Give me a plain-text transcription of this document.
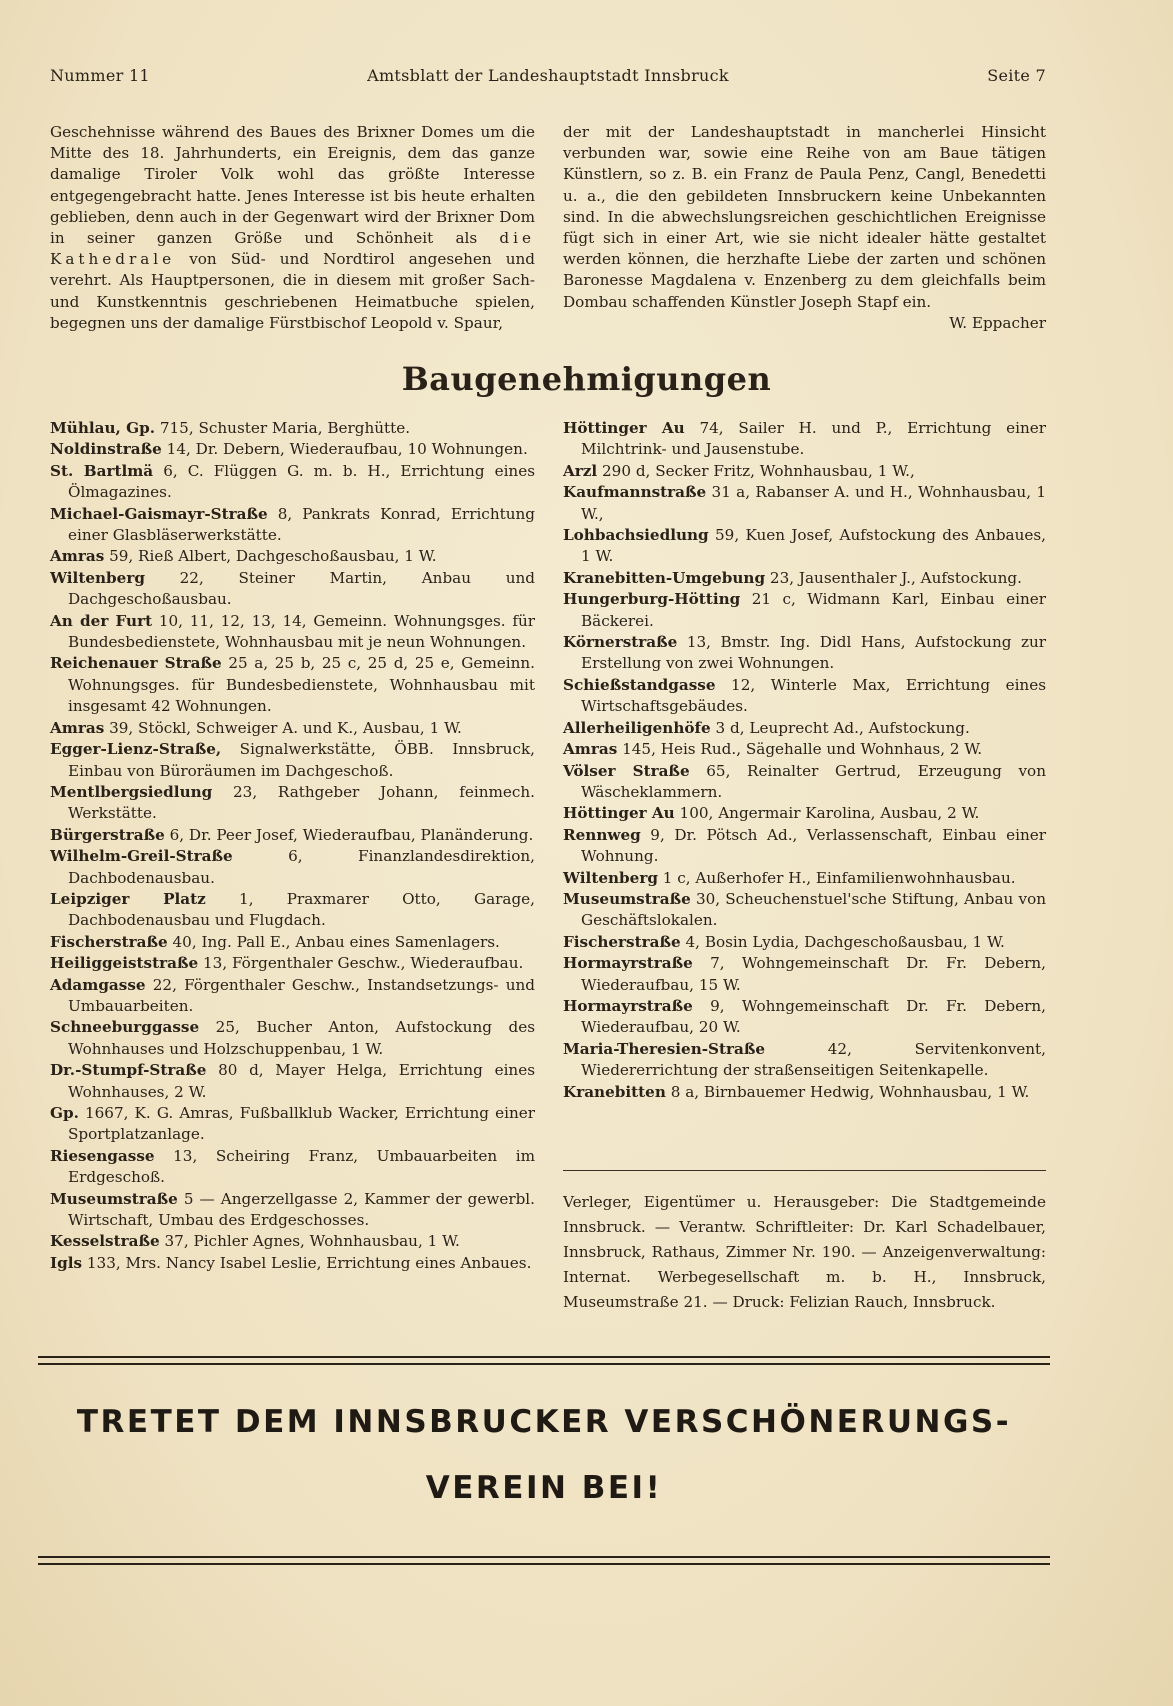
Nummer 11	Amtsblatt der Landeshauptstadt Innsbruck	Seite 7

Geschehnisse während des Baues des Brixner Domes um die Mitte des 18. Jahrhunderts, ein Ereignis, dem das ganze damalige Tiroler Volk wohl das größte Interesse entgegengebracht hatte. Jenes Interesse ist bis heute erhalten geblieben, denn auch in der Gegenwart wird der Brixner Dom in seiner ganzen Größe und Schönheit als die Kathedrale von Süd- und Nordtirol angesehen und verehrt. Als Hauptpersonen, die in diesem mit großer Sach- und Kunstkenntnis geschriebenen Heimatbuche spielen, begegnen uns der damalige Fürstbischof Leopold v. Spaur,

der mit der Landeshauptstadt in mancherlei Hinsicht verbunden war, sowie eine Reihe von am Baue tätigen Künstlern, so z. B. ein Franz de Paula Penz, Cangl, Benedetti u. a., die den gebildeten Innsbruckern keine Unbekannten sind. In die abwechslungsreichen geschichtlichen Ereignisse fügt sich in einer Art, wie sie nicht idealer hätte gestaltet werden können, die herzhafte Liebe der zarten und schönen Baronesse Magdalena v. Enzenberg zu dem gleichfalls beim Dombau schaffenden Künstler Joseph Stapf ein.

W. Eppacher

Baugenehmigungen

Mühlau, Gp. 715, Schuster Maria, Berghütte.

Noldinstraße 14, Dr. Debern, Wiederaufbau, 10 Wohnungen.

St. Bartlmä 6, C. Flüggen G. m. b. H., Errichtung eines Ölmagazines.

Michael-Gaismayr-Straße 8, Pankrats Konrad, Errichtung einer Glasbläserwerkstätte.

Amras 59, Rieß Albert, Dachgeschoßausbau, 1 W.

Wiltenberg 22, Steiner Martin, Anbau und Dachgeschoßausbau.

An der Furt 10, 11, 12, 13, 14, Gemeinn. Wohnungsges. für Bundesbedienstete, Wohnhausbau mit je neun Wohnungen.

Reichenauer Straße 25 a, 25 b, 25 c, 25 d, 25 e, Gemeinn. Wohnungsges. für Bundesbedienstete, Wohnhausbau mit insgesamt 42 Wohnungen.

Amras 39, Stöckl, Schweiger A. und K., Ausbau, 1 W.

Egger-Lienz-Straße, Signalwerkstätte, ÖBB. Innsbruck, Einbau von Büroräumen im Dachgeschoß.

Mentlbergsiedlung 23, Rathgeber Johann, feinmech. Werkstätte.

Bürgerstraße 6, Dr. Peer Josef, Wiederaufbau, Planänderung.

Wilhelm-Greil-Straße 6, Finanzlandesdirektion, Dachbodenausbau.

Leipziger Platz 1, Praxmarer Otto, Garage, Dachbodenausbau und Flugdach.

Fischerstraße 40, Ing. Pall E., Anbau eines Samenlagers.

Heiliggeiststraße 13, Förgenthaler Geschw., Wiederaufbau.

Adamgasse 22, Förgenthaler Geschw., Instandsetzungs- und Umbauarbeiten.

Schneeburggasse 25, Bucher Anton, Aufstockung des Wohnhauses und Holzschuppenbau, 1 W.

Dr.-Stumpf-Straße 80 d, Mayer Helga, Errichtung eines Wohnhauses, 2 W.

Gp. 1667, K. G. Amras, Fußballklub Wacker, Errichtung einer Sportplatzanlage.

Riesengasse 13, Scheiring Franz, Umbauarbeiten im Erdgeschoß.

Museumstraße 5 — Angerzellgasse 2, Kammer der gewerbl. Wirtschaft, Umbau des Erdgeschosses.

Kesselstraße 37, Pichler Agnes, Wohnhausbau, 1 W.

Igls 133, Mrs. Nancy Isabel Leslie, Errichtung eines Anbaues.

Höttinger Au 74, Sailer H. und P., Errichtung einer Milchtrink- und Jausenstube.

Arzl 290 d, Secker Fritz, Wohnhausbau, 1 W.,

Kaufmannstraße 31 a, Rabanser A. und H., Wohnhausbau, 1 W.,

Lohbachsiedlung 59, Kuen Josef, Aufstockung des Anbaues, 1 W.

Kranebitten-Umgebung 23, Jausenthaler J., Aufstockung.

Hungerburg-Hötting 21 c, Widmann Karl, Einbau einer Bäckerei.

Körnerstraße 13, Bmstr. Ing. Didl Hans, Aufstockung zur Erstellung von zwei Wohnungen.

Schießstandgasse 12, Winterle Max, Errichtung eines Wirtschaftsgebäudes.

Allerheiligenhöfe 3 d, Leuprecht Ad., Aufstockung.

Amras 145, Heis Rud., Sägehalle und Wohnhaus, 2 W.

Völser Straße 65, Reinalter Gertrud, Erzeugung von Wäscheklammern.

Höttinger Au 100, Angermair Karolina, Ausbau, 2 W.

Rennweg 9, Dr. Pötsch Ad., Verlassenschaft, Einbau einer Wohnung.

Wiltenberg 1 c, Außerhofer H., Einfamilienwohnhausbau.

Museumstraße 30, Scheuchenstuel'sche Stiftung, Anbau von Geschäftslokalen.

Fischerstraße 4, Bosin Lydia, Dachgeschoßausbau, 1 W.

Hormayrstraße 7, Wohngemeinschaft Dr. Fr. Debern, Wiederaufbau, 15 W.

Hormayrstraße 9, Wohngemeinschaft Dr. Fr. Debern, Wiederaufbau, 20 W.

Maria-Theresien-Straße 42, Servitenkonvent, Wiedererrichtung der straßenseitigen Seitenkapelle.

Kranebitten 8 a, Birnbauemer Hedwig, Wohnhausbau, 1 W.

Verleger, Eigentümer u. Herausgeber: Die Stadtgemeinde Innsbruck. — Verantw. Schriftleiter: Dr. Karl Schadelbauer, Innsbruck, Rathaus, Zimmer Nr. 190. — Anzeigenverwaltung: Internat. Werbegesellschaft m. b. H., Innsbruck, Museumstraße 21. — Druck: Felizian Rauch, Innsbruck.
TRETET DEM INNSBRUCKER VERSCHÖNERUNGS-
VEREIN BEI!
